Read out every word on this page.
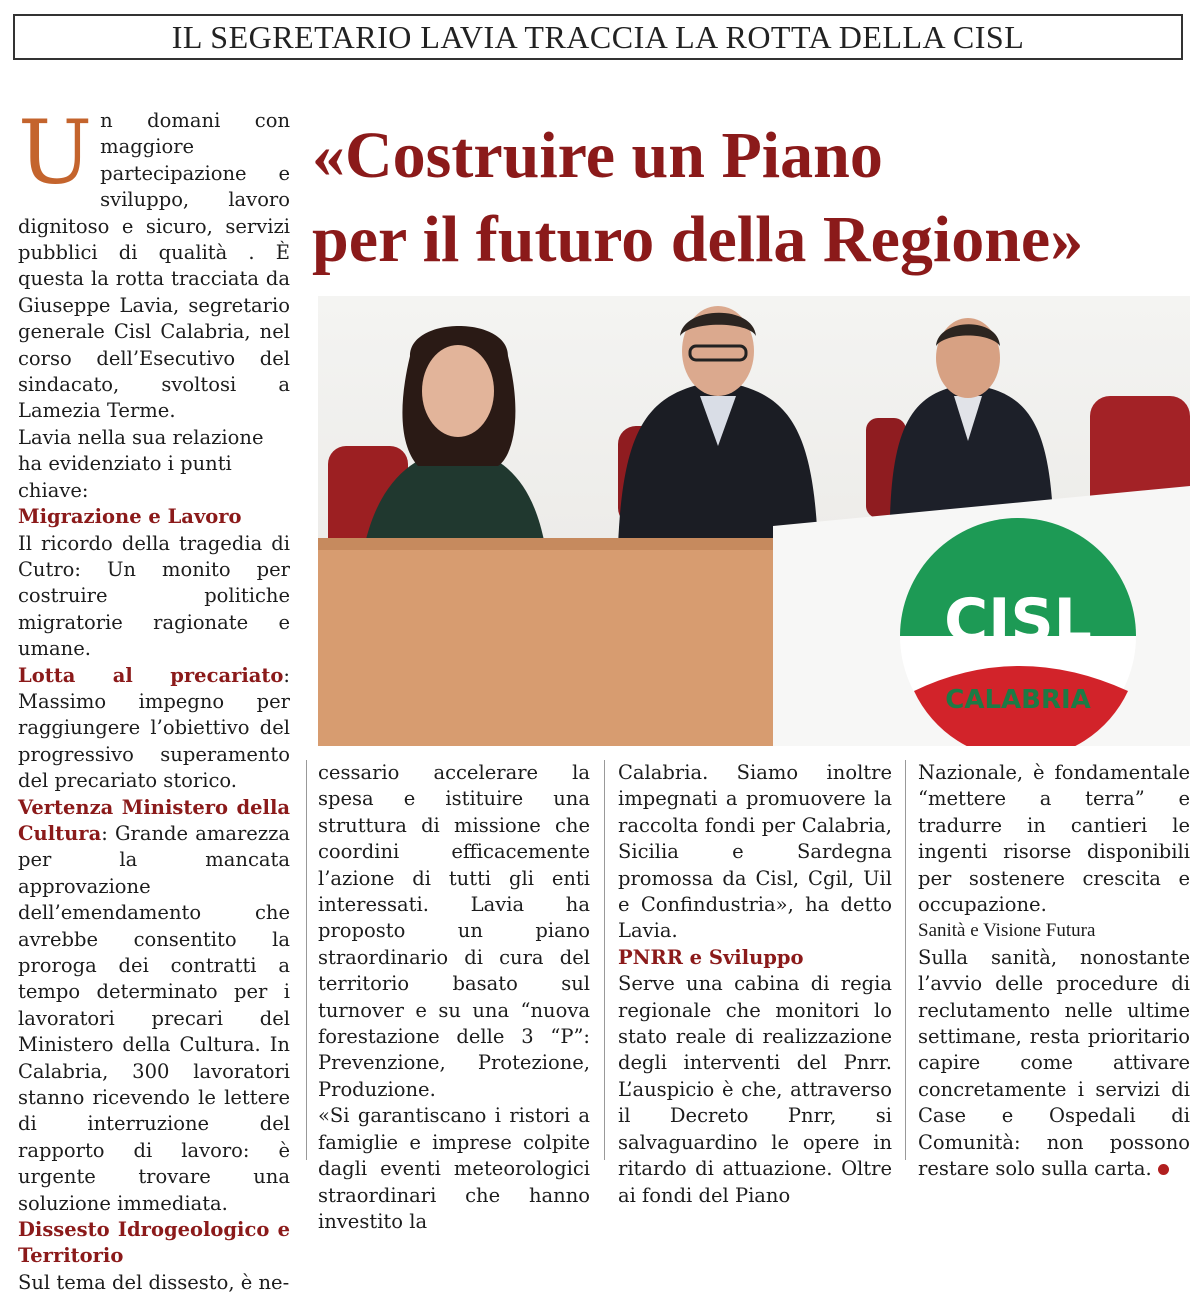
IL SEGRETARIO LAVIA TRACCIA LA ROTTA DELLA CISL

Un domani con maggiore partecipazione e sviluppo, lavoro dignitoso e sicuro, servizi pubblici di qualità . È questa la rotta tracciata da Giuseppe Lavia, segretario generale Cisl Calabria, nel corso dell’Esecutivo del sindacato, svoltosi a Lamezia Terme.

Lavia nella sua relazione ha evidenziato i punti chiave:

Migrazione e Lavoro

Il ricordo della tragedia di Cutro: Un monito per costruire politiche migratorie ragionate e umane.

Lotta al precariato: Massimo impegno per raggiungere l’obiettivo del progressivo superamento del precariato storico.

Vertenza Ministero della Cultura: Grande amarezza per la mancata approvazione dell’emendamento che avrebbe consentito la proroga dei contratti a tempo determinato per i lavoratori precari del Ministero della Cultura. In Calabria, 300 lavoratori stanno ricevendo le lettere di interruzione del rapporto di lavoro: è urgente trovare una soluzione immediata.

Dissesto Idrogeologico e Territorio

Sul tema del dissesto, è ne-

«Costruire un Piano
per il futuro della Regione»
CISL
CALABRIA

cessario accelerare la spesa e istituire una struttura di missione che coordini efficacemente l’azione di tutti gli enti interessati. Lavia ha proposto un piano straordinario di cura del territorio basato sul turnover e su una “nuova forestazione delle 3 “P”: Prevenzione, Protezione, Produzione.

«Si garantiscano i ristori a famiglie e imprese colpite dagli eventi meteorologici straordinari che hanno investito la

Calabria. Siamo inoltre impegnati a promuovere la raccolta fondi per Calabria, Sicilia e Sardegna promossa da Cisl, Cgil, Uil e Confindustria», ha detto Lavia.

PNRR e Sviluppo

Serve una cabina di regia regionale che monitori lo stato reale di realizzazione degli interventi del Pnrr. L’auspicio è che, attraverso il Decreto Pnrr, si salvaguardino le opere in ritardo di attuazione. Oltre ai fondi del Piano

Nazionale, è fondamentale “mettere a terra” e tradurre in cantieri le ingenti risorse disponibili per sostenere crescita e occupazione.

Sanità e Visione Futura

Sulla sanità, nonostante l’avvio delle procedure di reclutamento nelle ultime settimane, resta prioritario capire come attivare concretamente i servizi di Case e Ospedali di Comunità: non possono restare solo sulla carta.
